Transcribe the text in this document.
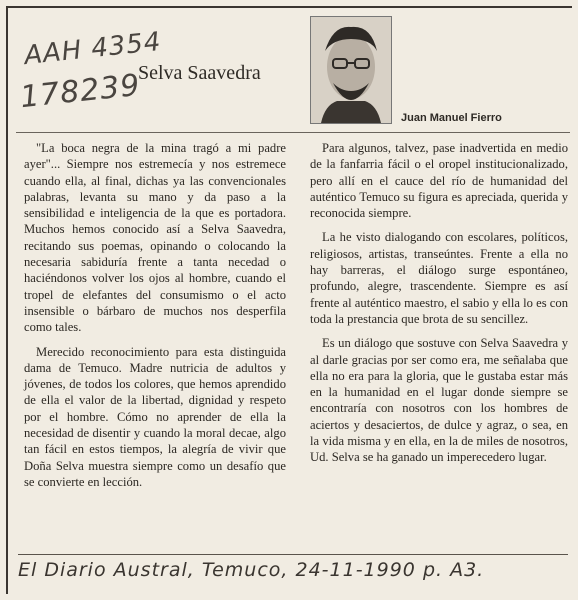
AAH 4354
178239
Selva Saavedra
Juan Manuel Fierro

"La boca negra de la mina tragó a mi padre ayer"... Siempre nos estremecía y nos estremece cuando ella, al final, dichas ya las convencionales palabras, levanta su mano y da paso a la sensibilidad e inteligencia de la que es portadora. Muchos hemos conocido así a Selva Saavedra, recitando sus poemas, opinando o colocando la necesaria sabiduría frente a tanta necedad o haciéndonos volver los ojos al hombre, cuando el tropel de elefantes del consumismo o el acto insensible o bárbaro de muchos nos desperfila como tales.

Merecido reconocimiento para esta distinguida dama de Temuco. Madre nutricia de adultos y jóvenes, de todos los colores, que hemos aprendido de ella el valor de la libertad, dignidad y respeto por el hombre. Cómo no aprender de ella la necesidad de disentir y cuando la moral decae, algo tan fácil en estos tiempos, la alegría de vivir que Doña Selva muestra siempre como un desafío que se convierte en lección.

Para algunos, talvez, pase inadvertida en medio de la fanfarria fácil o el oropel institucionalizado, pero allí en el cauce del río de humanidad del auténtico Temuco su figura es apreciada, querida y reconocida siempre.

La he visto dialogando con escolares, políticos, religiosos, artistas, transeúntes. Frente a ella no hay barreras, el diálogo surge espontáneo, profundo, alegre, trascendente. Siempre es así frente al auténtico maestro, el sabio y ella lo es con toda la prestancia que brota de su sencillez.

Es un diálogo que sostuve con Selva Saavedra y al darle gracias por ser como era, me señalaba que ella no era para la gloria, que le gustaba estar más en la humanidad en el lugar donde siempre se encontraría con nosotros con los hombres de aciertos y desaciertos, de dulce y agraz, o sea, en la vida misma y en ella, en la de miles de nosotros, Ud. Selva se ha ganado un imperecedero lugar.

El Diario Austral, Temuco, 24-11-1990 p. A3.
